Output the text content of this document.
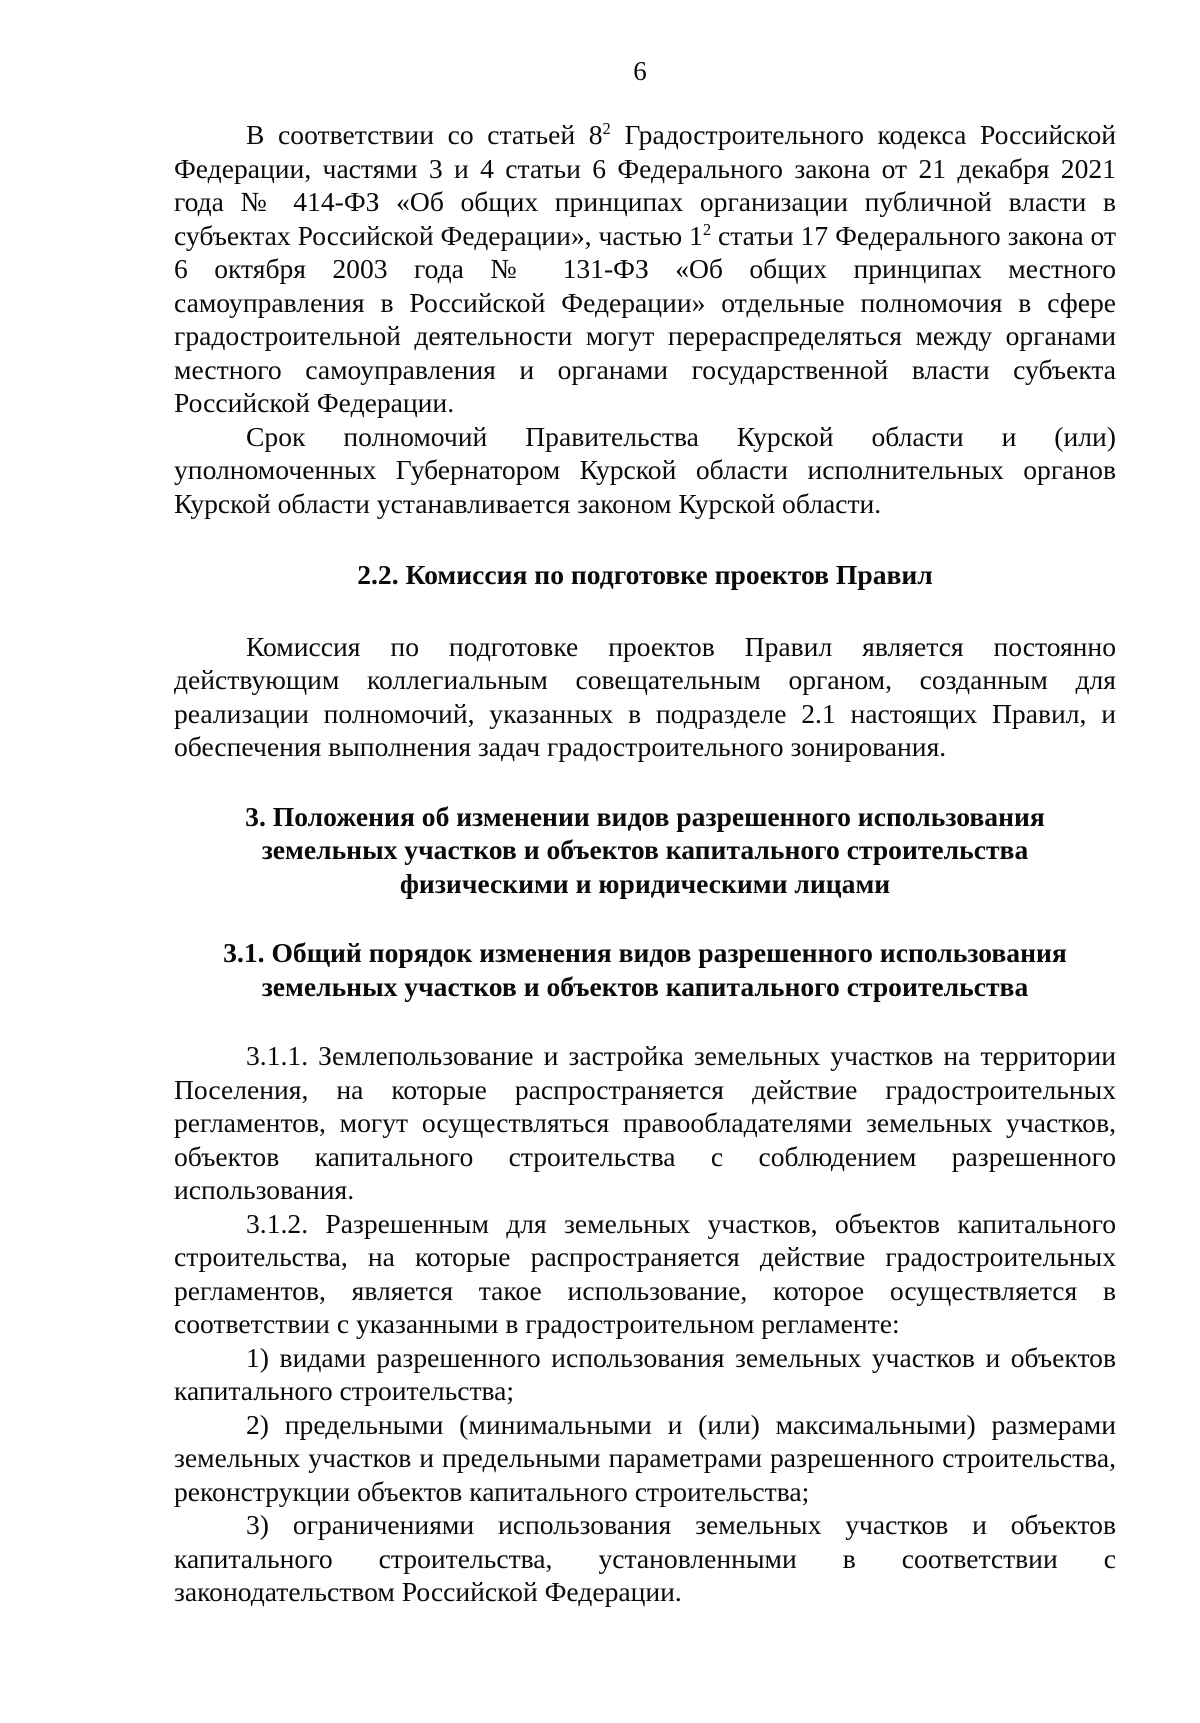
6

В соответствии со статьей $8^2$ Градостроительного кодекса Российской Федерации, частями 3 и 4 статьи 6 Федерального закона от 21 декабря 2021 года № 414-ФЗ «Об общих принципах организации публичной власти в субъектах Российской Федерации», частью $1^2$ статьи 17 Федерального закона от 6 октября 2003 года № 131-ФЗ «Об общих принципах местного самоуправления в Российской Федерации» отдельные полномочия в сфере градостроительной деятельности могут перераспределяться между органами местного самоуправления и органами государственной власти субъекта Российской Федерации.

Срок полномочий Правительства Курской области и (или) уполномоченных Губернатором Курской области исполнительных органов Курской области устанавливается законом Курской области.

2.2. Комиссия по подготовке проектов Правил

Комиссия по подготовке проектов Правил является постоянно действующим коллегиальным совещательным органом, созданным для реализации полномочий, указанных в подразделе 2.1 настоящих Правил, и обеспечения выполнения задач градостроительного зонирования.

3. Положения об изменении видов разрешенного использования земельных участков и объектов капитального строительства физическими и юридическими лицами
3.1. Общий порядок изменения видов разрешенного использования земельных участков и объектов капитального строительства

3.1.1. Землепользование и застройка земельных участков на территории Поселения, на которые распространяется действие градостроительных регламентов, могут осуществляться правообладателями земельных участков, объектов капитального строительства с соблюдением разрешенного использования.

3.1.2. Разрешенным для земельных участков, объектов капитального строительства, на которые распространяется действие градостроительных регламентов, является такое использование, которое осуществляется в соответствии с указанными в градостроительном регламенте:

1) видами разрешенного использования земельных участков и объектов капитального строительства;

2) предельными (минимальными и (или) максимальными) размерами земельных участков и предельными параметрами разрешенного строительства, реконструкции объектов капитального строительства;

3) ограничениями использования земельных участков и объектов капитального строительства, установленными в соответствии с законодательством Российской Федерации.
